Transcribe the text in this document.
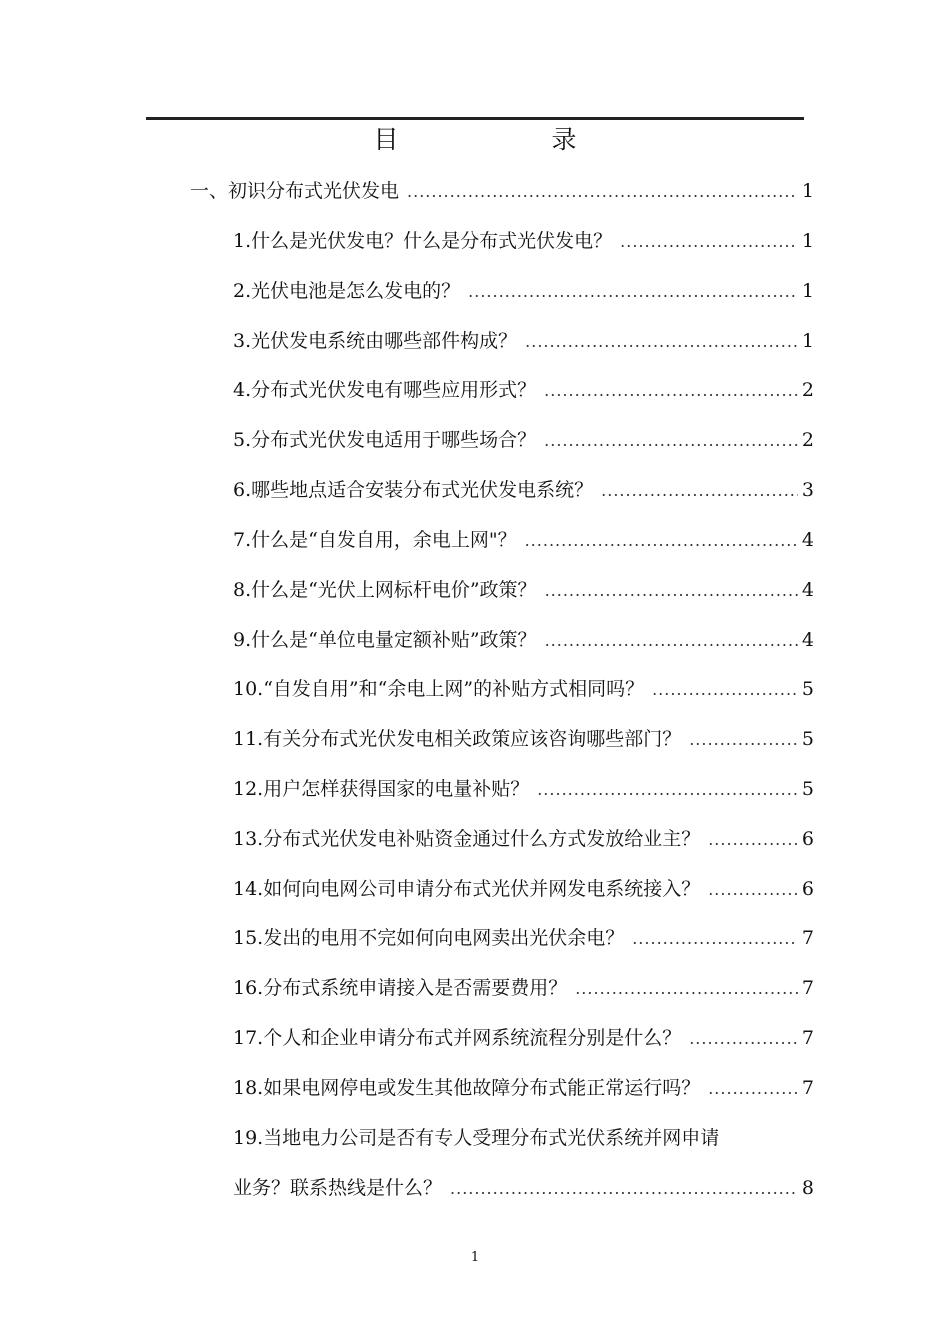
目　录
一、初识分布式光伏发电 .....	1
1.什么是光伏发电？什么是分布式光伏发电？ .....	1
2.光伏电池是怎么发电的？ .....	1
3.光伏发电系统由哪些部件构成？ .....	1
4.分布式光伏发电有哪些应用形式？ .....	2
5.分布式光伏发电适用于哪些场合？ .....	2
6.哪些地点适合安装分布式光伏发电系统？ .....	3
7.什么是“自发自用，余电上网"？ .....	4
8.什么是“光伏上网标杆电价”政策？ .....	4
9.什么是“单位电量定额补贴”政策？ .....	4
10.“自发自用”和“余电上网”的补贴方式相同吗？ .....	5
11.有关分布式光伏发电相关政策应该咨询哪些部门？ .....	5
12.用户怎样获得国家的电量补贴？ .....	5
13.分布式光伏发电补贴资金通过什么方式发放给业主？ .....	6
14.如何向电网公司申请分布式光伏并网发电系统接入？ .....	6
15.发出的电用不完如何向电网卖出光伏余电？ .....	7
16.分布式系统申请接入是否需要费用？ .....	7
17.个人和企业申请分布式并网系统流程分别是什么？ .....	7
18.如果电网停电或发生其他故障分布式能正常运行吗？ .....	7
19.当地电力公司是否有专人受理分布式光伏系统并网申请
业务？联系热线是什么？ .....	8
1
